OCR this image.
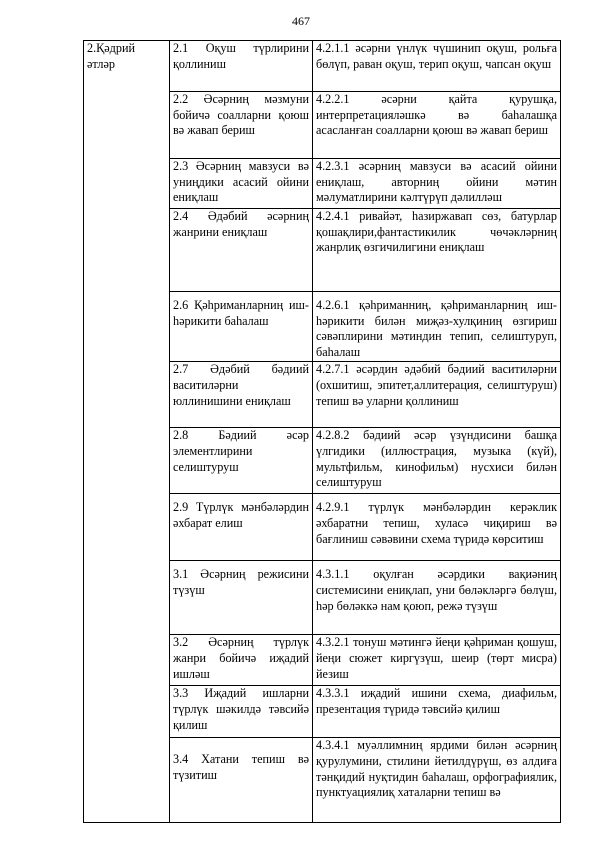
467
2.Қәдрий әтләр	2.1 Оқуш түрлирини қоллиниш	4.2.1.1 әсәрни үнлүк чүшинип оқуш, рольға бөлүп, раван оқуш, терип оқуш, чапсан оқуш

	2.2 Әсәрниң мәзмуни бойичә соалларни қоюш вә жавап бериш	4.2.2.1 әсәрни қайта қурушқа, интерпретацияләшкә вә баһалашқа асасланған соалларни қоюш вә жавап бериш

	2.3 Әсәрниң мавзуси вә униңдики асасий ойини ениқлаш	4.2.3.1 әсәрниң мавзуси вә асасий ойини ениқлаш, авторниң ойини мәтин мәлуматлирини кәлтүрүп дәлилләш

	2.4 Әдәбий әсәрниң жанрини ениқлаш	4.2.4.1 ривайәт, һазиржавап сөз, батурлар қошақлири,фантастикилик чөчәкләрниң жанрлиқ өзгичилигини ениқлаш

	2.6 Қәһриманларниң иш-һәрикити баһалаш	4.2.6.1 қәһриманниң, қәһриманларниң иш-һәрикити билән миҗәз-хулқиниң өзгириш сәвәплирини мәтиндин тепип, селиштуруп, баһалаш

	2.7 Әдәбий бәдиий васитиләрни юллинишини ениқлаш	4.2.7.1 әсәрдин әдәбий бәдиий васитиләрни (охшитиш, эпитет,аллитерация, селиштуруш) тепиш вә уларни қоллиниш

	2.8 Бәдиий әсәр элементлирини селиштуруш	4.2.8.2 бәдиий әсәр үзүндисини башқа үлгидики (иллюстрация, музыка (күй), мультфильм, кинофильм) нусхиси билән селиштуруш

	2.9 Түрлүк мәнбәләрдин әхбарат елиш	4.2.9.1 түрлүк мәнбәләрдин керәклик әхбаратни тепиш, хуласә чиқириш вә бағлиниш сәвәвини схема түридә көрситиш

	3.1 Әсәрниң режисини түзүш	4.3.1.1 оқулған әсәрдики вақиәниң системисини ениқлап, уни бөләкләргә бөлүш, һәр бөләккә нам қоюп, режә түзүш

	3.2 Әсәрниң түрлүк жанри бойичә иҗадий ишләш	4.3.2.1 тонуш мәтингә йеңи қәһриман қошуш, йеңи сюжет киргүзүш, шеир (төрт мисра) йезиш

	3.3 Иҗадий ишларни түрлүк шәкилдә тәвсийә қилиш	4.3.3.1 иҗадий ишини схема, диафильм, презентация түридә тәвсийә қилиш

	3.4 Хатани тепиш вә түзитиш	4.3.4.1 муәллимниң ярдими билән әсәрниң қурулумини, стилини йетилдүрүш, өз алдиға тәнқидий нуқтидин баһалаш, орфографиялик, пунктуациялиқ хаталарни тепиш вә
